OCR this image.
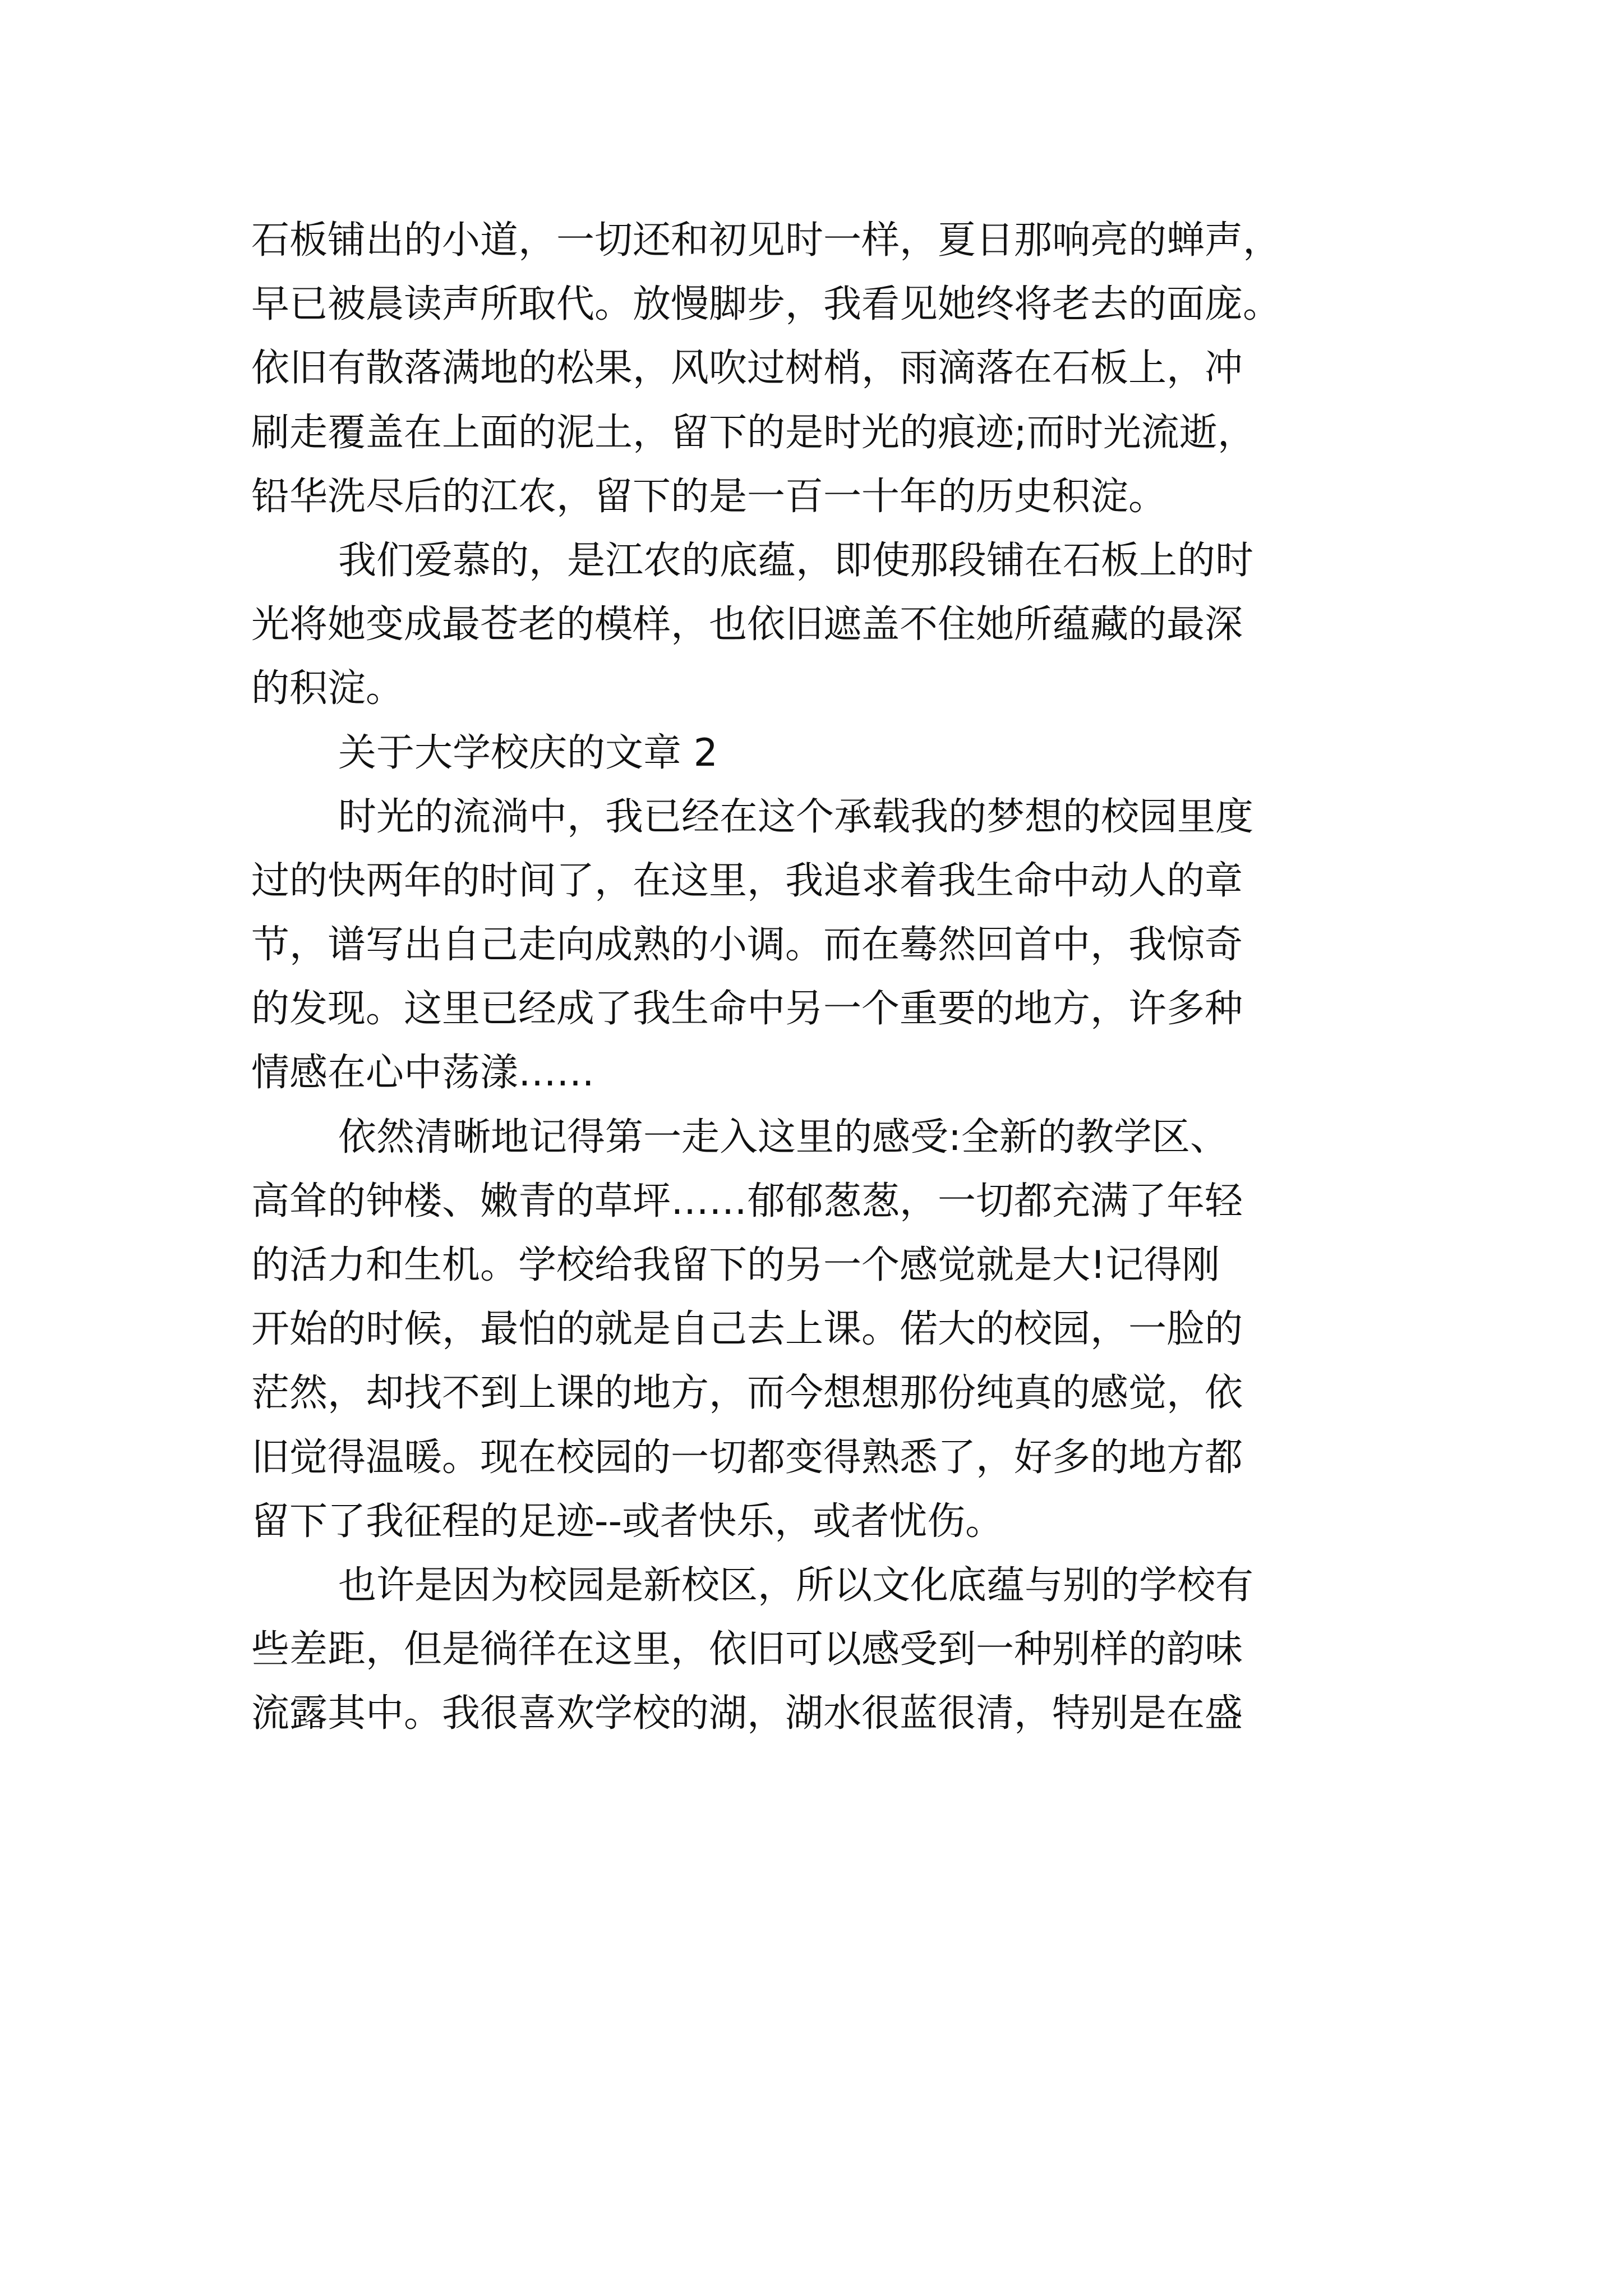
石板铺出的小道，一切还和初见时一样，夏日那响亮的蝉声，
早已被晨读声所取代。放慢脚步，我看见她终将老去的面庞。
依旧有散落满地的松果，风吹过树梢，雨滴落在石板上，冲
刷走覆盖在上面的泥土，留下的是时光的痕迹;而时光流逝，
铅华洗尽后的江农，留下的是一百一十年的历史积淀。
我们爱慕的，是江农的底蕴，即使那段铺在石板上的时
光将她变成最苍老的模样，也依旧遮盖不住她所蕴藏的最深
的积淀。
关于大学校庆的文章 2
时光的流淌中，我已经在这个承载我的梦想的校园里度
过的快两年的时间了，在这里，我追求着我生命中动人的章
节，谱写出自己走向成熟的小调。而在蓦然回首中，我惊奇
的发现。这里已经成了我生命中另一个重要的地方，许多种
情感在心中荡漾……
依然清晰地记得第一走入这里的感受:全新的教学区、
高耸的钟楼、嫩青的草坪……郁郁葱葱，一切都充满了年轻
的活力和生机。学校给我留下的另一个感觉就是大!记得刚
开始的时候，最怕的就是自己去上课。偌大的校园，一脸的
茫然，却找不到上课的地方，而今想想那份纯真的感觉，依
旧觉得温暖。现在校园的一切都变得熟悉了，好多的地方都
留下了我征程的足迹--或者快乐，或者忧伤。
也许是因为校园是新校区，所以文化底蕴与别的学校有
些差距，但是徜徉在这里，依旧可以感受到一种别样的韵味
流露其中。我很喜欢学校的湖，湖水很蓝很清，特别是在盛
